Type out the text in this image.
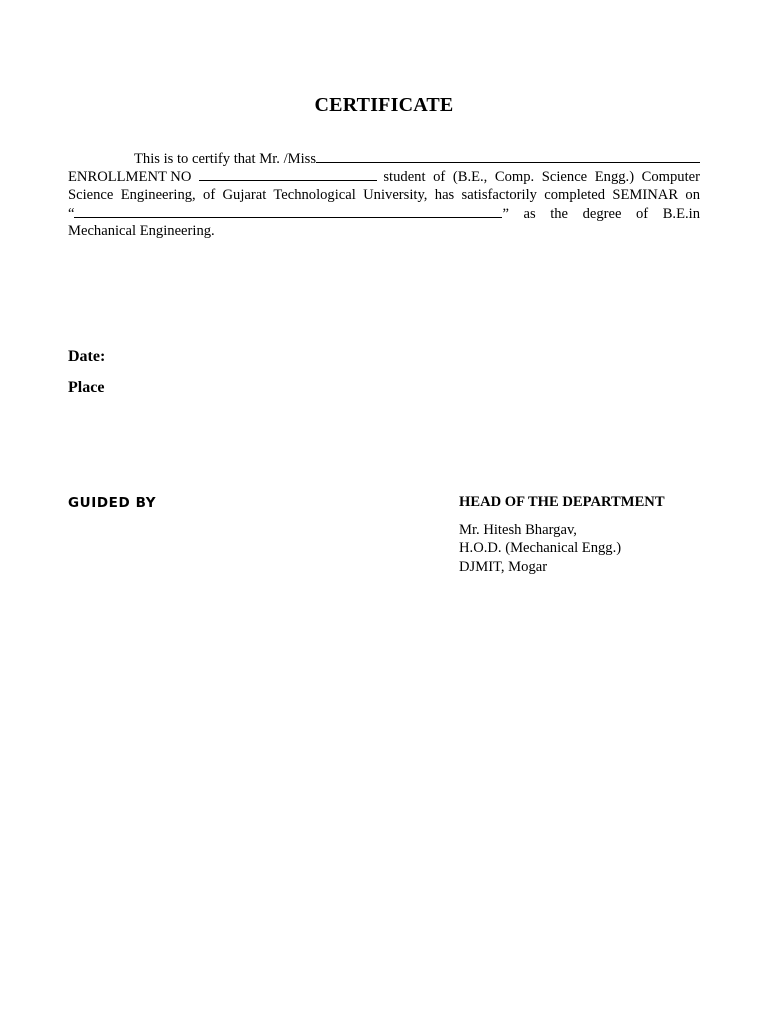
CERTIFICATE
This is to certify that Mr. /Miss
ENROLLMENT NO	student of (B.E., Comp. Science Engg.) Computer
Science Engineering, of Gujarat Technological University, has satisfactorily completed SEMINAR on
“	” as the degree of B.E.in
Mechanical Engineering.
Date:
Place
GUIDED BY	HEAD OF THE DEPARTMENT
Mr. Hitesh Bhargav,
H.O.D. (Mechanical Engg.)
DJMIT, Mogar
